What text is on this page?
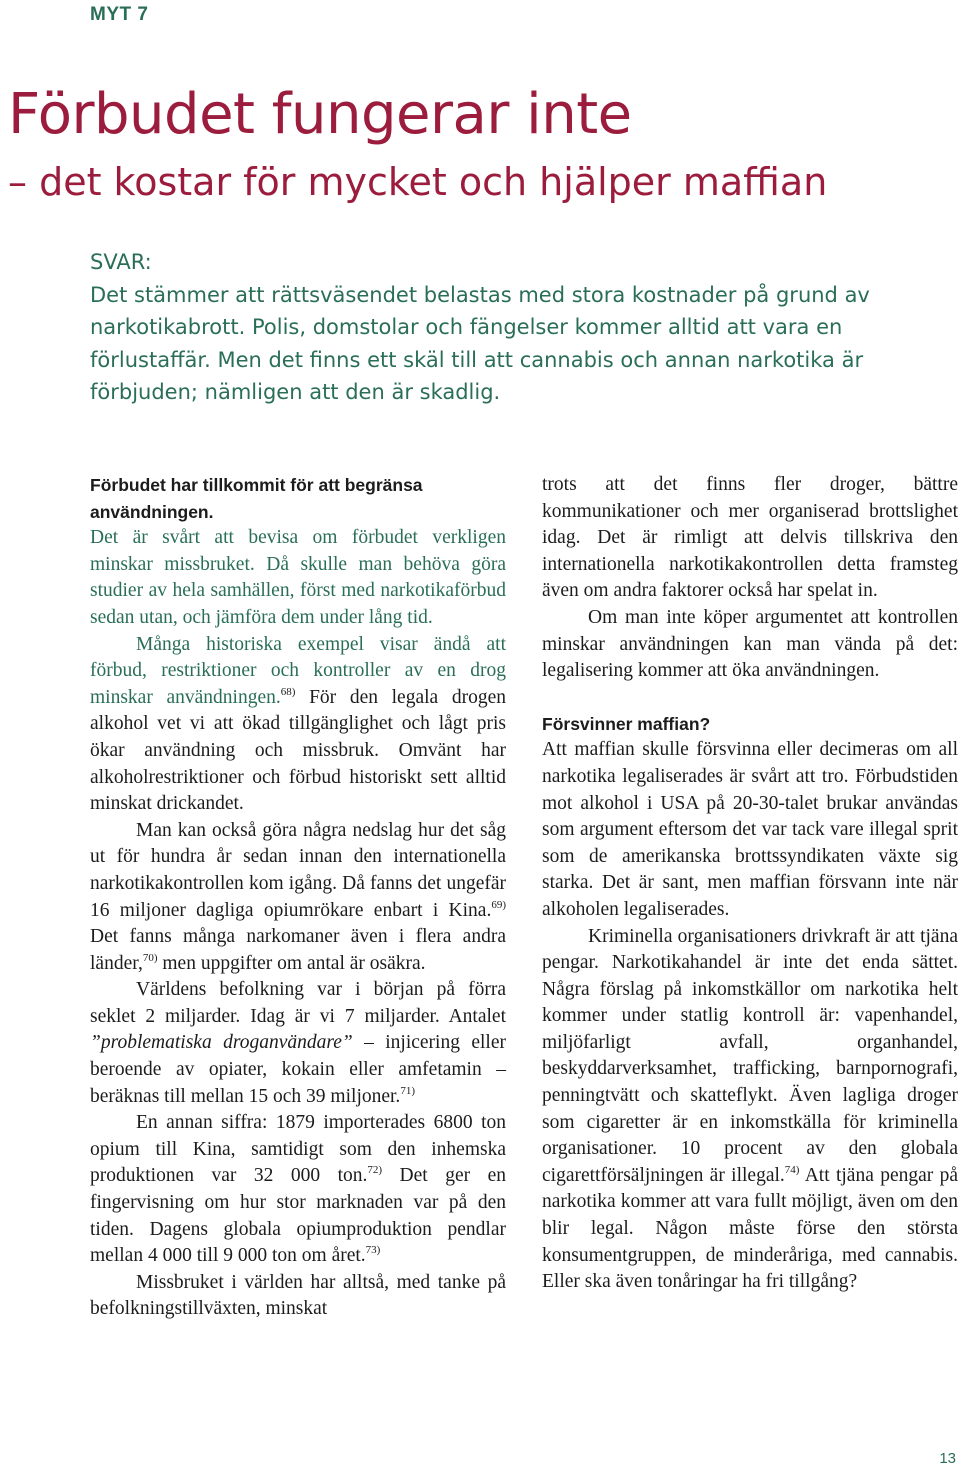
MYT 7
Förbudet fungerar inte
– det kostar för mycket och hjälper maffian

SVAR:

Det stämmer att rättsväsendet belastas med stora kostnader på grund av narkotikabrott. Polis, domstolar och fängelser kommer alltid att vara en förlustaffär. Men det finns ett skäl till att cannabis och annan narkotika är förbjuden; nämligen att den är skadlig.

Förbudet har tillkommit för att begränsa användningen.

Det är svårt att bevisa om förbudet verkligen minskar missbruket. Då skulle man behöva göra studier av hela samhällen, först med narkotikaförbud sedan utan, och jämföra dem under lång tid.

Många historiska exempel visar ändå att förbud, restriktioner och kontroller av en drog minskar användningen.$^{68)}$ För den legala drogen alkohol vet vi att ökad tillgänglighet och lågt pris ökar användning och missbruk. Omvänt har alkoholrestriktioner och förbud historiskt sett alltid minskat drickandet.

Man kan också göra några nedslag hur det såg ut för hundra år sedan innan den internationella narkotikakontrollen kom igång. Då fanns det ungefär 16 miljoner dagliga opiumrökare enbart i Kina.$^{69)}$ Det fanns många narkomaner även i flera andra länder,$^{70)}$ men uppgifter om antal är osäkra.

Världens befolkning var i början på förra seklet 2 miljarder. Idag är vi 7 miljarder. Antalet ”problematiska droganvändare” – injicering eller beroende av opiater, kokain eller amfetamin – beräknas till mellan 15 och 39 miljoner.$^{71)}$

En annan siffra: 1879 importerades 6800 ton opium till Kina, samtidigt som den inhemska produktionen var 32 000 ton.$^{72)}$ Det ger en fingervisning om hur stor marknaden var på den tiden. Dagens globala opiumproduktion pendlar mellan 4 000 till 9 000 ton om året.$^{73)}$

Missbruket i världen har alltså, med tanke på befolkningstillväxten, minskat

trots att det finns fler droger, bättre kommunikationer och mer organiserad brottslighet idag. Det är rimligt att delvis tillskriva den internationella narkotikakontrollen detta framsteg även om andra faktorer också har spelat in.

Om man inte köper argumentet att kontrollen minskar användningen kan man vända på det: legalisering kommer att öka användningen.

Försvinner maffian?

Att maffian skulle försvinna eller decimeras om all narkotika legaliserades är svårt att tro. Förbudstiden mot alkohol i USA på 20-30-talet brukar användas som argument eftersom det var tack vare illegal sprit som de amerikanska brottssyndikaten växte sig starka. Det är sant, men maffian försvann inte när alkoholen legaliserades.

Kriminella organisationers drivkraft är att tjäna pengar. Narkotikahandel är inte det enda sättet. Några förslag på inkomstkällor om narkotika helt kommer under statlig kontroll är: vapenhandel, miljöfarligt avfall, organhandel, beskyddarverksamhet, trafficking, barnpornografi, penningtvätt och skatteflykt. Även lagliga droger som cigaretter är en inkomstkälla för kriminella organisationer. 10 procent av den globala cigarettförsäljningen är illegal.$^{74)}$ Att tjäna pengar på narkotika kommer att vara fullt möjligt, även om den blir legal. Någon måste förse den största konsumentgruppen, de minderåriga, med cannabis. Eller ska även tonåringar ha fri tillgång?

13
